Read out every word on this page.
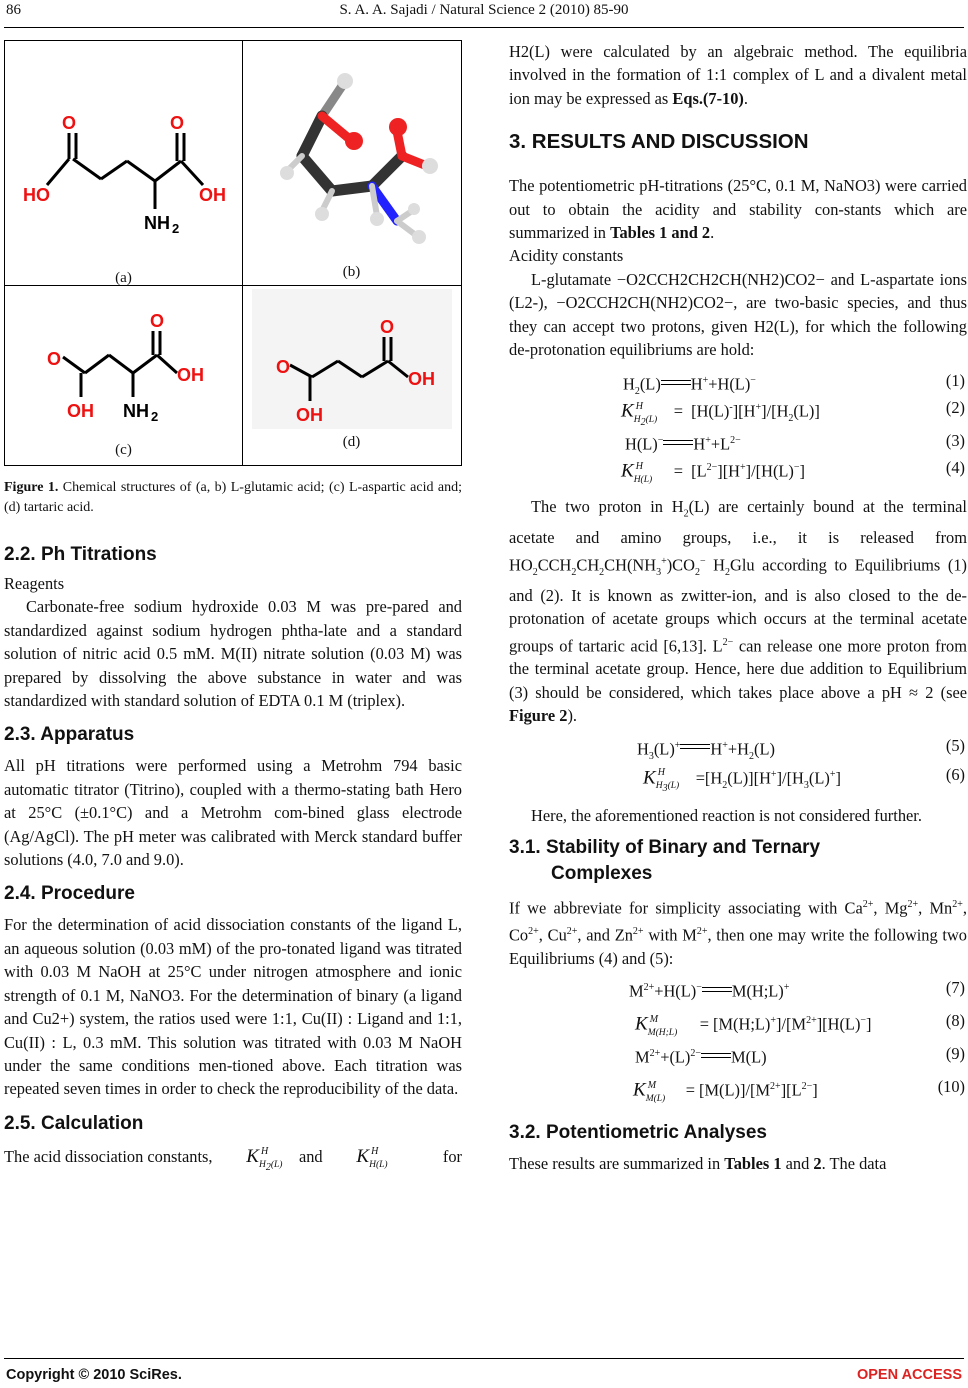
86	S. A. A. Sajadi / Natural Science 2 (2010) 85-90
O	O
HO	OH
NH 2
(a)	(b)
O
O
OH
OH NH 2
(c)
O
O
OH
OH
(d)

Figure 1. Chemical structures of (a, b) L-glutamic acid; (c) L-aspartic acid and; (d) tartaric acid.

2.2. Ph Titrations

Reagents

Carbonate-free sodium hydroxide 0.03 M was pre-pared and standardized against sodium hydrogen phtha-late and a standard solution of nitric acid 0.5 mM. M(II) nitrate solution (0.03 M) was prepared by dissolving the above substance in water and was standardized with standard solution of EDTA 0.1 M (triplex).

2.3. Apparatus

All pH titrations were performed using a Metrohm 794 basic automatic titrator (Titrino), coupled with a thermo-stating bath Hero at 25°C (±0.1°C) and a Metrohm com-bined glass electrode (Ag/AgCl). The pH meter was calibrated with Merck standard buffer solutions (4.0, 7.0 and 9.0).

2.4. Procedure

For the determination of acid dissociation constants of the ligand L, an aqueous solution (0.03 mM) of the pro-tonated ligand was titrated with 0.03 M NaOH at 25°C under nitrogen atmosphere and ionic strength of 0.1 M, NaNO3. For the determination of binary (a ligand and Cu2+) system, the ratios used were 1:1, Cu(II) : Ligand and 1:1, Cu(II) : L, 0.3 mM. This solution was titrated with 0.03 M NaOH under the same conditions men-tioned above. Each titration was repeated seven times in order to check the reproducibility of the data.

2.5. Calculation

The acid dissociation constants, K H
$H_2(L)$ and K H
H(L)	for

H2(L) were calculated by an algebraic method. The equilibria involved in the formation of 1:1 complex of L and a divalent metal ion may be expressed as Eqs.(7-10).

3. RESULTS AND DISCUSSION

The potentiometric pH-titrations (25°C, 0.1 M, NaNO3) were carried out to obtain the acidity and stability con-stants which are summarized in Tables 1 and 2.

Acidity constants

L-glutamate −O2CCH2CH2CH(NH2)CO2− and L-aspartate ions (L2-), −O2CCH2CH(NH2)CO2−, are two-basic species, and thus they can accept two protons, given H2(L), for which the following de-protonation equilibriums are hold:

$H_2(L)$ H++H(L)−	(1)
K H
$H_2(L) = [H(L)^-][H^+]/[H_2(L)]$	(2)
H(L)− $H^++L^{2-}$	(3)
K H
$H(L) = [L^{2-}][H^+]/[H(L)^-]$	(4)

The two proton in $H_2(L)$ are certainly bound at the terminal acetate and amino groups, i.e., it is released from $HO_2CCH_2CH_2CH(NH_3^+)CO_2^-$ $H_2Glu$ according to Equilibriums (1) and (2). It is known as zwitter-ion, and is also closed to the de-protonation of acetate groups which occurs at the terminal acetate groups of tartaric acid [6,13]. $L^{2-}$ can release one more proton from the terminal acetate group. Hence, here due addition to Equilibrium (3) should be considered, which takes place above a pH ≈ 2 (see Figure 2).

$H_3(L)^+$ $H^++H_2(L)$	(5)
K H
$H_3(L) =[H_2(L)][H^+]/[H_3(L)^+]$	(6)

Here, the aforementioned reaction is not considered further.

3.1. Stability of Binary and Ternary
Complexes

If we abbreviate for simplicity associating with $Ca^{2+}$, $Mg^{2+}$, $Mn^{2+}$, $Co^{2+}$, $Cu^{2+}$, and $Zn^{2+}$ with $M^{2+}$, then one may write the following two Equilibriums (4) and (5):

$M^{2+}+H(L)^-$ M(H;L)+	(7)
K M
M(H;L) = $[M(H;L)^+]/[M^{2+}][H(L)^-]$	(8)
$M^{2+}+(L)^{2-}$ M(L)	(9)
K M
$M(L) = [M(L)]/[M^{2+}][L^{2-}]$	(10)
3.2. Potentiometric Analyses

These results are summarized in Tables 1 and 2. The data

Copyright © 2010 SciRes.	OPEN ACCESS
